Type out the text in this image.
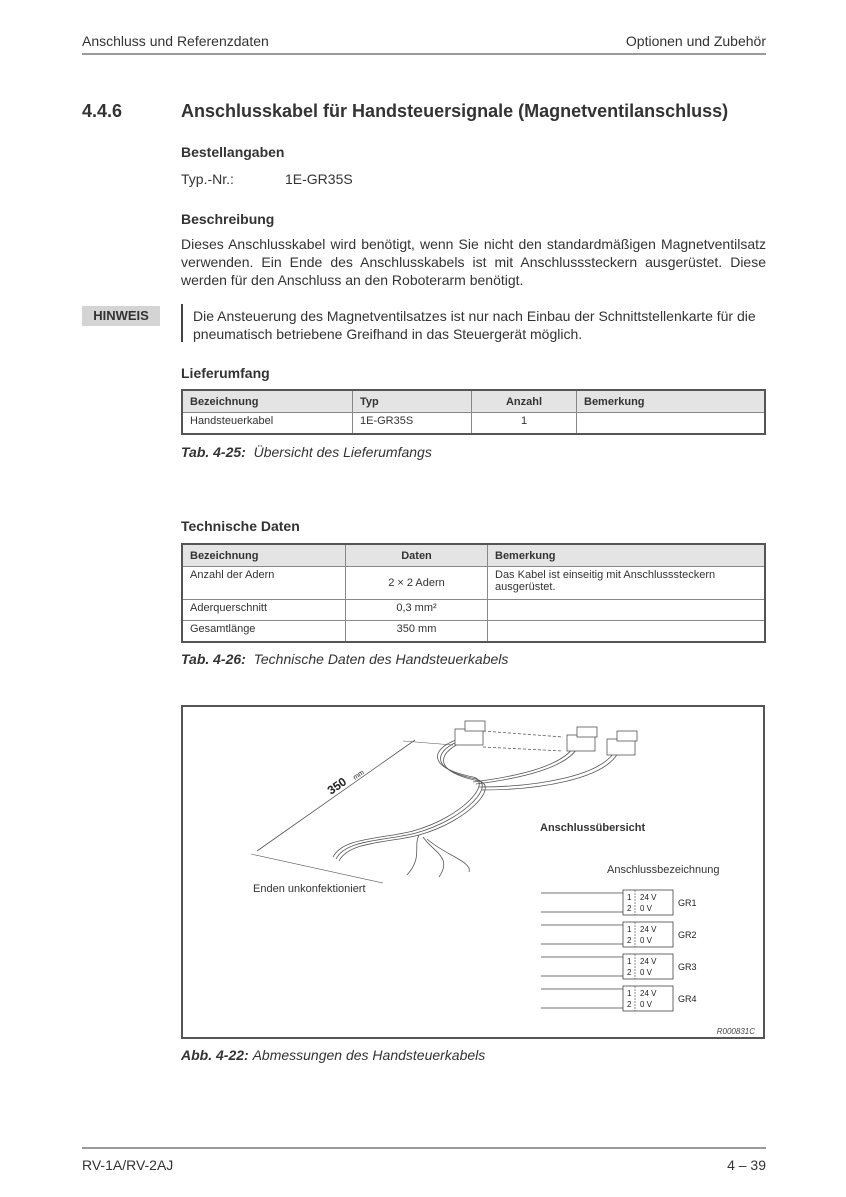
Anschluss und Referenzdaten	Optionen und Zubehör
4.4.6	Anschlusskabel für Handsteuersignale (Magnetventilanschluss)
Bestellangaben
Typ.-Nr.:	1E-GR35S
Beschreibung
Dieses Anschlusskabel wird benötigt, wenn Sie nicht den standardmäßigen Magnetventilsatz verwenden. Ein Ende des Anschlusskabels ist mit Anschlusssteckern ausgerüstet. Diese werden für den Anschluss an den Roboterarm benötigt.
HINWEIS	Die Ansteuerung des Magnetventilsatzes ist nur nach Einbau der Schnittstellenkarte für die pneumatisch betriebene Greifhand in das Steuergerät möglich.
Lieferumfang
Bezeichnung	Typ	Anzahl	Bemerkung
Handsteuerkabel	1E-GR35S	1	
Tab. 4-25: Übersicht des Lieferumfangs
Technische Daten
Bezeichnung	Daten	Bemerkung
Anzahl der Adern	2 × 2 Adern	Das Kabel ist einseitig mit Anschlusssteckern ausgerüstet.
Aderquerschnitt	0,3 mm²	
Gesamtlänge	350 mm	
Tab. 4-26: Technische Daten des Handsteuerkabels
350 mm
1 24 V
2 0 V
GR1
1 24 V
2 0 V
GR2
1 24 V
2 0 V
GR3
1 24 V
2 0 V
GR4
Enden unkonfektioniert
Anschlussübersicht
Anschlussbezeichnung
R000831C
Abb. 4-22: Abmessungen des Handsteuerkabels
RV-1A/RV-2AJ	4 – 39
